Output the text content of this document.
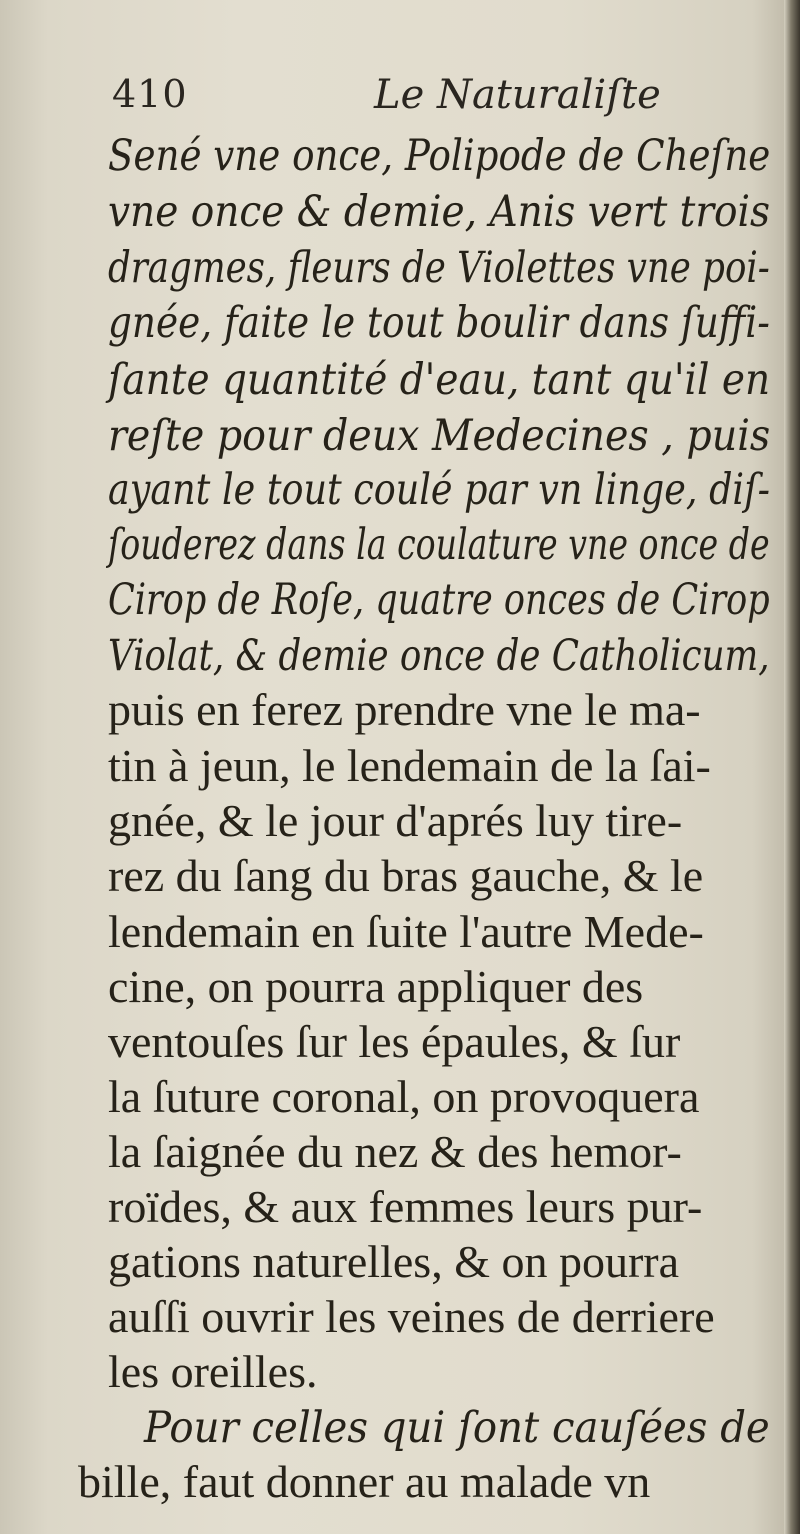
410	Le Naturaliſte
Sené vne once, Polipode de Cheſne
vne once & demie, Anis vert trois
dragmes, fleurs de Violettes vne poi-
gnée, faite le tout boulir dans ſuffi-
ſante quantité d'eau, tant qu'il en
reſte pour deux Medecines , puis
ayant le tout coulé par vn linge, diſ-
ſouderez dans la coulature vne once de
Cirop de Roſe, quatre onces de Cirop
Violat, & demie once de Catholicum,
puis en ferez prendre vne le ma-
tin à jeun, le lendemain de la ſai-
gnée, & le jour d'aprés luy tire-
rez du ſang du bras gauche, & le
lendemain en ſuite l'autre Mede-
cine, on pourra appliquer des
ventouſes ſur les épaules, & ſur
la ſuture coronal, on provoquera
la ſaignée du nez & des hemor-
roïdes, & aux femmes leurs pur-
gations naturelles, & on pourra
auſſi ouvrir les veines de derriere
les oreilles.
Pour celles qui ſont cauſées de
bille, faut donner au malade vn
